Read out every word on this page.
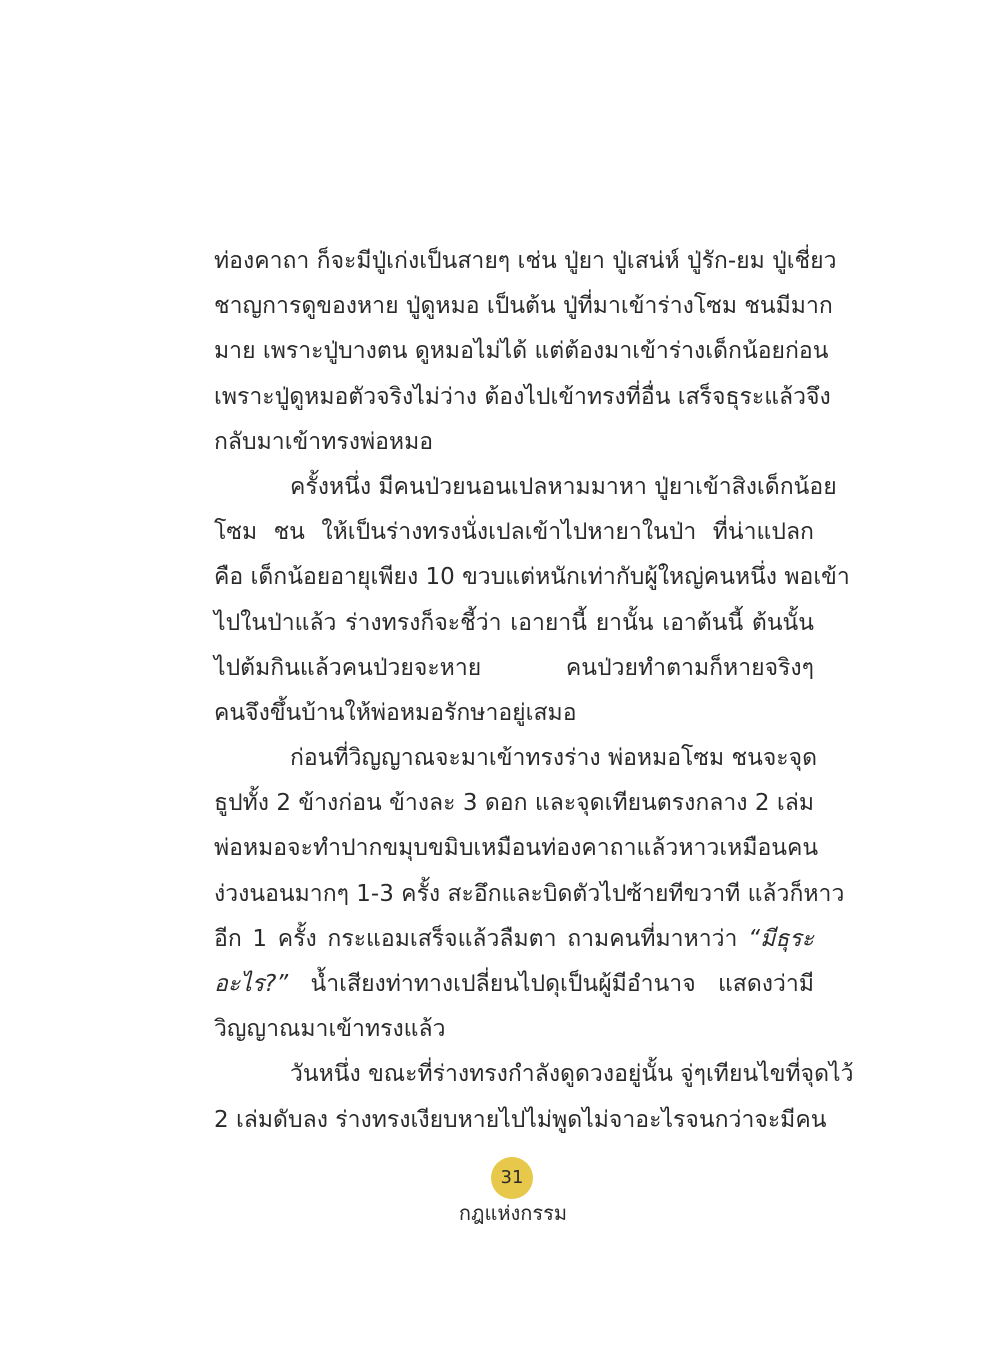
ท่องคาถา ก็จะมีปู่เก่งเป็นสายๆ เช่น ปู่ยา ปู่เสน่ห์ ปู่รัก-ยม ปู่เชี่ยว
ชาญการดูของหาย ปู่ดูหมอ เป็นต้น ปู่ที่มาเข้าร่างโซม ชนมีมาก
มาย เพราะปู่บางตน ดูหมอไม่ได้ แต่ต้องมาเข้าร่างเด็กน้อยก่อน
เพราะปู่ดูหมอตัวจริงไม่ว่าง ต้องไปเข้าทรงที่อื่น เสร็จธุระแล้วจึง
กลับมาเข้าทรงพ่อหมอ
ครั้งหนึ่ง มีคนป่วยนอนเปลหามมาหา ปู่ยาเข้าสิงเด็กน้อย
โซม ชน ให้เป็นร่างทรงนั่งเปลเข้าไปหายาในป่า ที่น่าแปลก
คือ เด็กน้อยอายุเพียง 10 ขวบแต่หนักเท่ากับผู้ใหญ่คนหนึ่ง พอเข้า
ไปในป่าแล้ว ร่างทรงก็จะชี้ว่า เอายานี้ ยานั้น เอาต้นนี้ ต้นนั้น
ไปต้มกินแล้วคนป่วยจะหาย คนป่วยทำตามก็หายจริงๆ
คนจึงขึ้นบ้านให้พ่อหมอรักษาอยู่เสมอ
ก่อนที่วิญญาณจะมาเข้าทรงร่าง พ่อหมอโซม ชนจะจุด
ธูปทั้ง 2 ข้างก่อน ข้างละ 3 ดอก และจุดเทียนตรงกลาง 2 เล่ม
พ่อหมอจะทำปากขมุบขมิบเหมือนท่องคาถาแล้วหาวเหมือนคน
ง่วงนอนมากๆ 1-3 ครั้ง สะอึกและบิดตัวไปซ้ายทีขวาที แล้วก็หาว
อีก 1 ครั้ง กระแอมเสร็จแล้วลืมตา ถามคนที่มาหาว่า “มีธุระ
อะไร?” น้ำเสียงท่าทางเปลี่ยนไปดุเป็นผู้มีอำนาจ แสดงว่ามี
วิญญาณมาเข้าทรงแล้ว
วันหนึ่ง ขณะที่ร่างทรงกำลังดูดวงอยู่นั้น จู่ๆเทียนไขที่จุดไว้
2 เล่มดับลง ร่างทรงเงียบหายไปไม่พูดไม่จาอะไรจนกว่าจะมีคน
31
กฎแห่งกรรม
